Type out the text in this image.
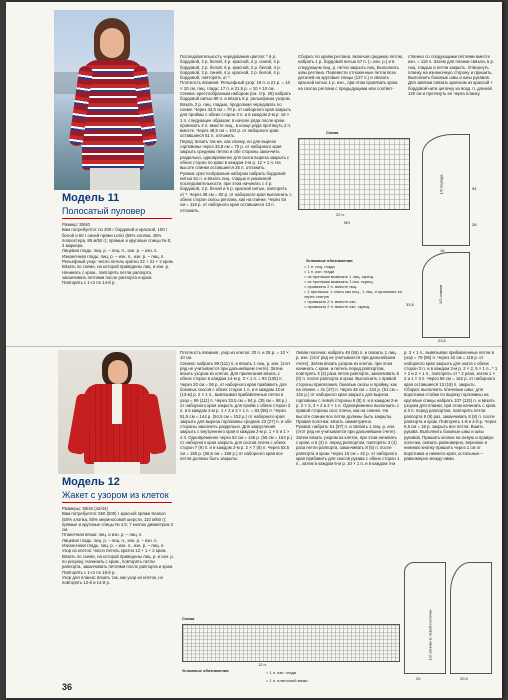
Модель 11
Полосатый пуловер
Размер: 38/40
Вам потребуется: по 200 г бордовой и красной, 100 г белой и 50 г синей пряжи Lerici (55% хлопка, 45% полиэстера, 85 м/50 г); прямые и круговые спицы № 5; 4 маркера.
Лицевая гладь: лиц. р. – лиц. п., изн. р. – изн. п.
Изнаночная гладь: лиц. р. – изн. п., изн. р. – лиц. п.
Рельефный узор: число петель кратно 22 + 21 + 2 кром. Вязать по схеме, на которой приведены лиц. и изн. р. Начинать с кром., повторять петли раппорта, заканчивать петлями после раппорта и кром. Повторять с 1-го по 14-й р.
Последовательность чередования цветов: * 6 р. бордовой, 2 р. белой, 4 р. красной, 2 р. синей, 4 р. бордовой, 2 р. белой, 6 р. красной, 2 р. белой, 4 р. бордовой, 2 р. синей, 4 р. красной, 2 р. белой, 4 р. бордовой, повторять от *.
Плотность вязания. Рельефный узор: 19 п. и 21 р. = 10 × 10 см, лиц. гладь: 17 п. и 21,5 р. = 10 × 10 см.
Спинка: крестообразным набором (см. стр. 29) набрать бордовой нитью 89 п. и вязать 6 р. рельефным узором. Вязать 2 р. лиц. гладью, продолжая чередовать по схеме. Через 33,5 см = 70 р. от наборного края закрыть для проймы с обеих сторон 3 п. и в каждом 2-м р. 16 × 1 п. следующее образом: в начале ряда после кром. провязать 2 п. вместе лиц., в конце ряда протянуть 2 п. вместе. Через 49,5 см = 104 р. от наборного края оставшиеся 51 п. отложить.
Перед: вязать так же, как спинку, но для выреза горловины через 33,5 см = 70 р. от наборного края закрыть среднюю петлю и обе стороны закончить раздельно, одновременно для скоса выреза закрыть с обеих сторон по краю в каждом 2-м р. 12 × 1 п. На высоте спинки оставшиеся 25 п. отложить.
Рукава: крестообразным набором набрать бордовой нитью 51 п. и вязать лиц. гладью в указанной последовательности, при этом начинать с 4 р. бордовой, 2 р. белой и 6 р. красной нитью, повторять от *. Через 38 см = 82 р. от наборного края выполнить с обеих сторон скосы реглана, как на спинке. Через 54 см = 116 р. от наборного края оставшиеся 13 п. отложить.
Сборка: по краям реглана, включая среднюю петлю, набрать 1 р. бордовой нитью 57 п. (= изн. р.) и в следующем лиц. р. петли закрыть лиц. Выполнить швы реглана. Перевести отложенные петли всех деталей на круговые спицы (127 п.) и связать красной нитью 1 р. изн., при этом провязать кром. на скосах реглана с предыдущими или соответ-
ственно со следующими петлями вместе изн. = 119 п. Затем для планки связать 5 р. лиц. гладью и петли закрыть. Отвернуть планку на изнаночную сторону и пришить. Выполнить боковые швы и швы рукавов. Для завязки связать крючком из красной + бордовой нити цепочку из возд. п. длиной 120 см и протянуть ее через планку.
Схема
22 п.
MS
1/2 переда	54
28
16
1/2 спинки
33,5
23,5
Условные обозначения
= 1 п. лиц. глади
= 1 п. изн. глади
= из протяжки вывязать 1 лиц. скрещ.
= из протяжки вывязать 1 изн. скрещ.
= провязать 2 п. вместе лиц.
= 1 протяжка: 1 снять как лиц., 1 лиц. и провязать ее через снятую
= провязать 2 п. вместе изн.
= провязать 2 п. вместе изн. скрещ.
Модель 12
Жакет с узором из клеток
Размеры: 38/40 (42/44)
Вам потребуется: 550 (600) г красной пряжи Season (50% хлопка, 50% мериносовой шерсти, 110 м/50 г); прямые и круговые спицы № 4,5; 7 кнопок диаметром 2 см.
Планочная вязка: лиц. и изн. р. – лиц. п.
Лицевая гладь: лиц. р. – лиц. п., изн. р. – изн. п.
Изнаночная гладь: лиц. р. – изн. п., изн. р. – лиц. п.
Узор из клеток: число петель кратно 12 + 1 + 2 кром. Вязать по схеме, на которой приведены лиц. р. и изн. р. по рисунку. Начинать с кром., повторять петли раппорта, заканчивать петлями после раппорта и кром. Повторять с 1-го по 18-й р.
Узор для планок: вязать так, как узор из клеток, но повторять 13-й и 14-й р.
Плотность вязания, узор из клеток: 20 п. и 28 р. = 10 × 10 см.
Спинка: набрать 99 (111) п. и вязать 1 лиц. р. изн. (этот ряд не учитывается при дальнейшем счете). Затем вязать узором из клеток. Для прилегания вязать с обеих сторон в каждом 14-м р. 3 × 1 п. = 93 (105) п. Через 20 см = 56 р. от наборного края прибавить для боковых скосов с обеих сторон 1 п. и в каждом 12-м (13-м) р. 2 × 1 п., вывязывая прибавленные петли в узор = 99 (111) п. Через 33,5 см = 94 р. (35 см = 98 р.) от наборного края закрыть для пройм с обеих сторон 3 п. и в каждом 2-м р. 1 × 2 и 3 × 1 п. = 83 (95) п. Через 51,5 см = 144 р. (54,5 см = 152 р.) от наборного края закрыть для выреза горловины средние 23 (27) п. и обе стороны закончить раздельно. Для закругления закрыть с внутреннего края в каждом 2-м р. 1 × 5 и 1 × 4 п. Одновременно через 52 см = 146 р. (55 см = 154 р.) от наборного края закрыть для скосов плеча с обеих сторон 7 (9) п. и в каждом 2-м р. 2 × 7 (8) п. Через 53,5 см = 150 р. (56,5 см = 158 р.) от наборного края все петли должны быть закрыты.
Левая полочка: набрать 49 (55) п. и связать 1 лиц. р. изн. (этот ряд не учитывается при дальнейшем счете). Затем вязать узором из клеток, при этом начинать с кром. и петель перед раппортом, повторять 3 (4) раза петли раппорта, заканчивать 6 (0) п. после раппорта и кром. Выполнить с правой стороны прилегания, боковые скосы и пройму, как на спинке = 41 (47) п. Через 48 см = 134 р. (51 см = 142 р.) от наборного края закрыть для выреза горловины с левой стороны 6 (8) п. и в каждом 2-м р. 2 × 3, 3 × 2 и 2 × 1 п. Одновременно выполнить с правой стороны скос плеча, как на спинке. На высоте спинки все петли должны быть закрыты.
Правая полочка: вязать симметрично.
Рукава: набрать 51 (57) п. и связать 1 лиц. р. изн. (этот ряд не учитывается при дальнейшем счете). Затем вязать узором из клеток, при этом начинать с кром. и 5 (2) п. перед раппортом, повторять 3 (4) раза петли раппорта, заканчивать 8 (5) п. после раппорта и кром. Через 15 см = 42 р. от наборного края прибавить для скосов рукава с обеих сторон 1 п., затем в каждом 6-м р. 10 × 1 п. и в каждом 4-м
р. 3 × 1 п., вывязывая прибавленные петли в узор = 79 (85) п. Через 42 см = 118 р. от наборного края закрыть для оката с обеих сторон 3 п. и в каждом 2-м р. 2 × 2, 5 × 1 п., * 1 × 2 и 2 × 1 п., повторять от * 2 раза, затем 1 × 2 и 1 × 3 п. Через 58 см = 162 р. от наборного края оставшиеся 13 (19) п. закрыть.
Сборка: выполнить плечевые швы; для воротника-стойки по вырезу горловины на круговые спицы набрать 107 (115) п. и вязать узором для планки, при этом начинать с кром. и 3 п. перед раппортом, повторять петли раппорта 8 (9) раз, заканчивать 8 (8) п. после раппорта и кром. Повторять 1-й и 2-й р. Через 6,5 см = 18 р. закрыть все петли. Вшить рукава. Выполнить боковые швы и швы рукавов. Пришить кнопки на левую и правую полочки, связать равномерно, верхнюю и нижнюю кнопку пришить через 1 см от воротника и нижнего края, остальные – равномерно между ними.
Схема
12 п.
Условные обозначения	= 1 п. изн. глади
= 1 п. платочной вязки
1/2 спинки и левой полочки
25	20,5
36
